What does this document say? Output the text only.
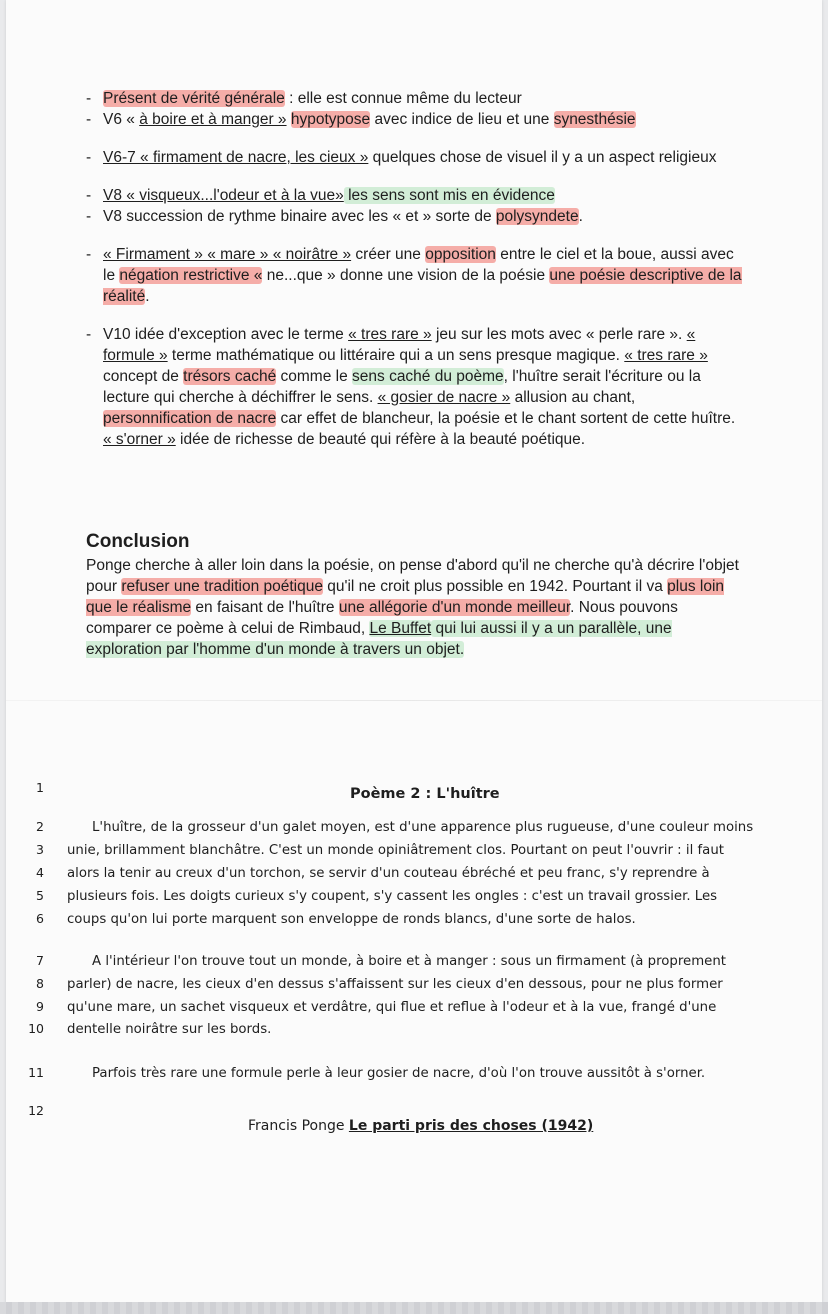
- Présent de vérité générale : elle est connue même du lecteur
- V6 « à boire et à manger » hypotypose avec indice de lieu et une synesthésie
- V6-7 « firmament de nacre, les cieux » quelques chose de visuel il y a un aspect religieux
- V8 « visqueux...l'odeur et à la vue» les sens sont mis en évidence
- V8 succession de rythme binaire avec les « et » sorte de polysyndete.
- « Firmament » « mare » « noirâtre » créer une opposition entre le ciel et la boue, aussi avec le négation restrictive « ne...que » donne une vision de la poésie une poésie descriptive de la réalité.
- V10 idée d'exception avec le terme « tres rare » jeu sur les mots avec « perle rare ». « formule » terme mathématique ou littéraire qui a un sens presque magique. « tres rare » concept de trésors caché comme le sens caché du poème, l'huître serait l'écriture ou la lecture qui cherche à déchiffrer le sens. « gosier de nacre » allusion au chant, personnification de nacre car effet de blancheur, la poésie et le chant sortent de cette huître. « s'orner » idée de richesse de beauté qui réfère à la beauté poétique.
Conclusion

Ponge cherche à aller loin dans la poésie, on pense d'abord qu'il ne cherche qu'à décrire l'objet pour refuser une tradition poétique qu'il ne croit plus possible en 1942. Pourtant il va plus loin que le réalisme en faisant de l'huître une allégorie d'un monde meilleur. Nous pouvons comparer ce poème à celui de Rimbaud, Le Buffet qui lui aussi il y a un parallèle, une exploration par l'homme d'un monde à travers un objet.

Poème 2 : L'huître
1
2
3
4
5
6
7
8
9
10
11
12
L'huître, de la grosseur d'un galet moyen, est d'une apparence plus rugueuse, d'une couleur moins
unie, brillamment blanchâtre. C'est un monde opiniâtrement clos. Pourtant on peut l'ouvrir : il faut
alors la tenir au creux d'un torchon, se servir d'un couteau ébréché et peu franc, s'y reprendre à
plusieurs fois. Les doigts curieux s'y coupent, s'y cassent les ongles : c'est un travail grossier. Les
coups qu'on lui porte marquent son enveloppe de ronds blancs, d'une sorte de halos.
A l'intérieur l'on trouve tout un monde, à boire et à manger : sous un firmament (à proprement
parler) de nacre, les cieux d'en dessus s'affaissent sur les cieux d'en dessous, pour ne plus former
qu'une mare, un sachet visqueux et verdâtre, qui flue et reflue à l'odeur et à la vue, frangé d'une
dentelle noirâtre sur les bords.
Parfois très rare une formule perle à leur gosier de nacre, d'où l'on trouve aussitôt à s'orner.
Francis Ponge Le parti pris des choses (1942)
